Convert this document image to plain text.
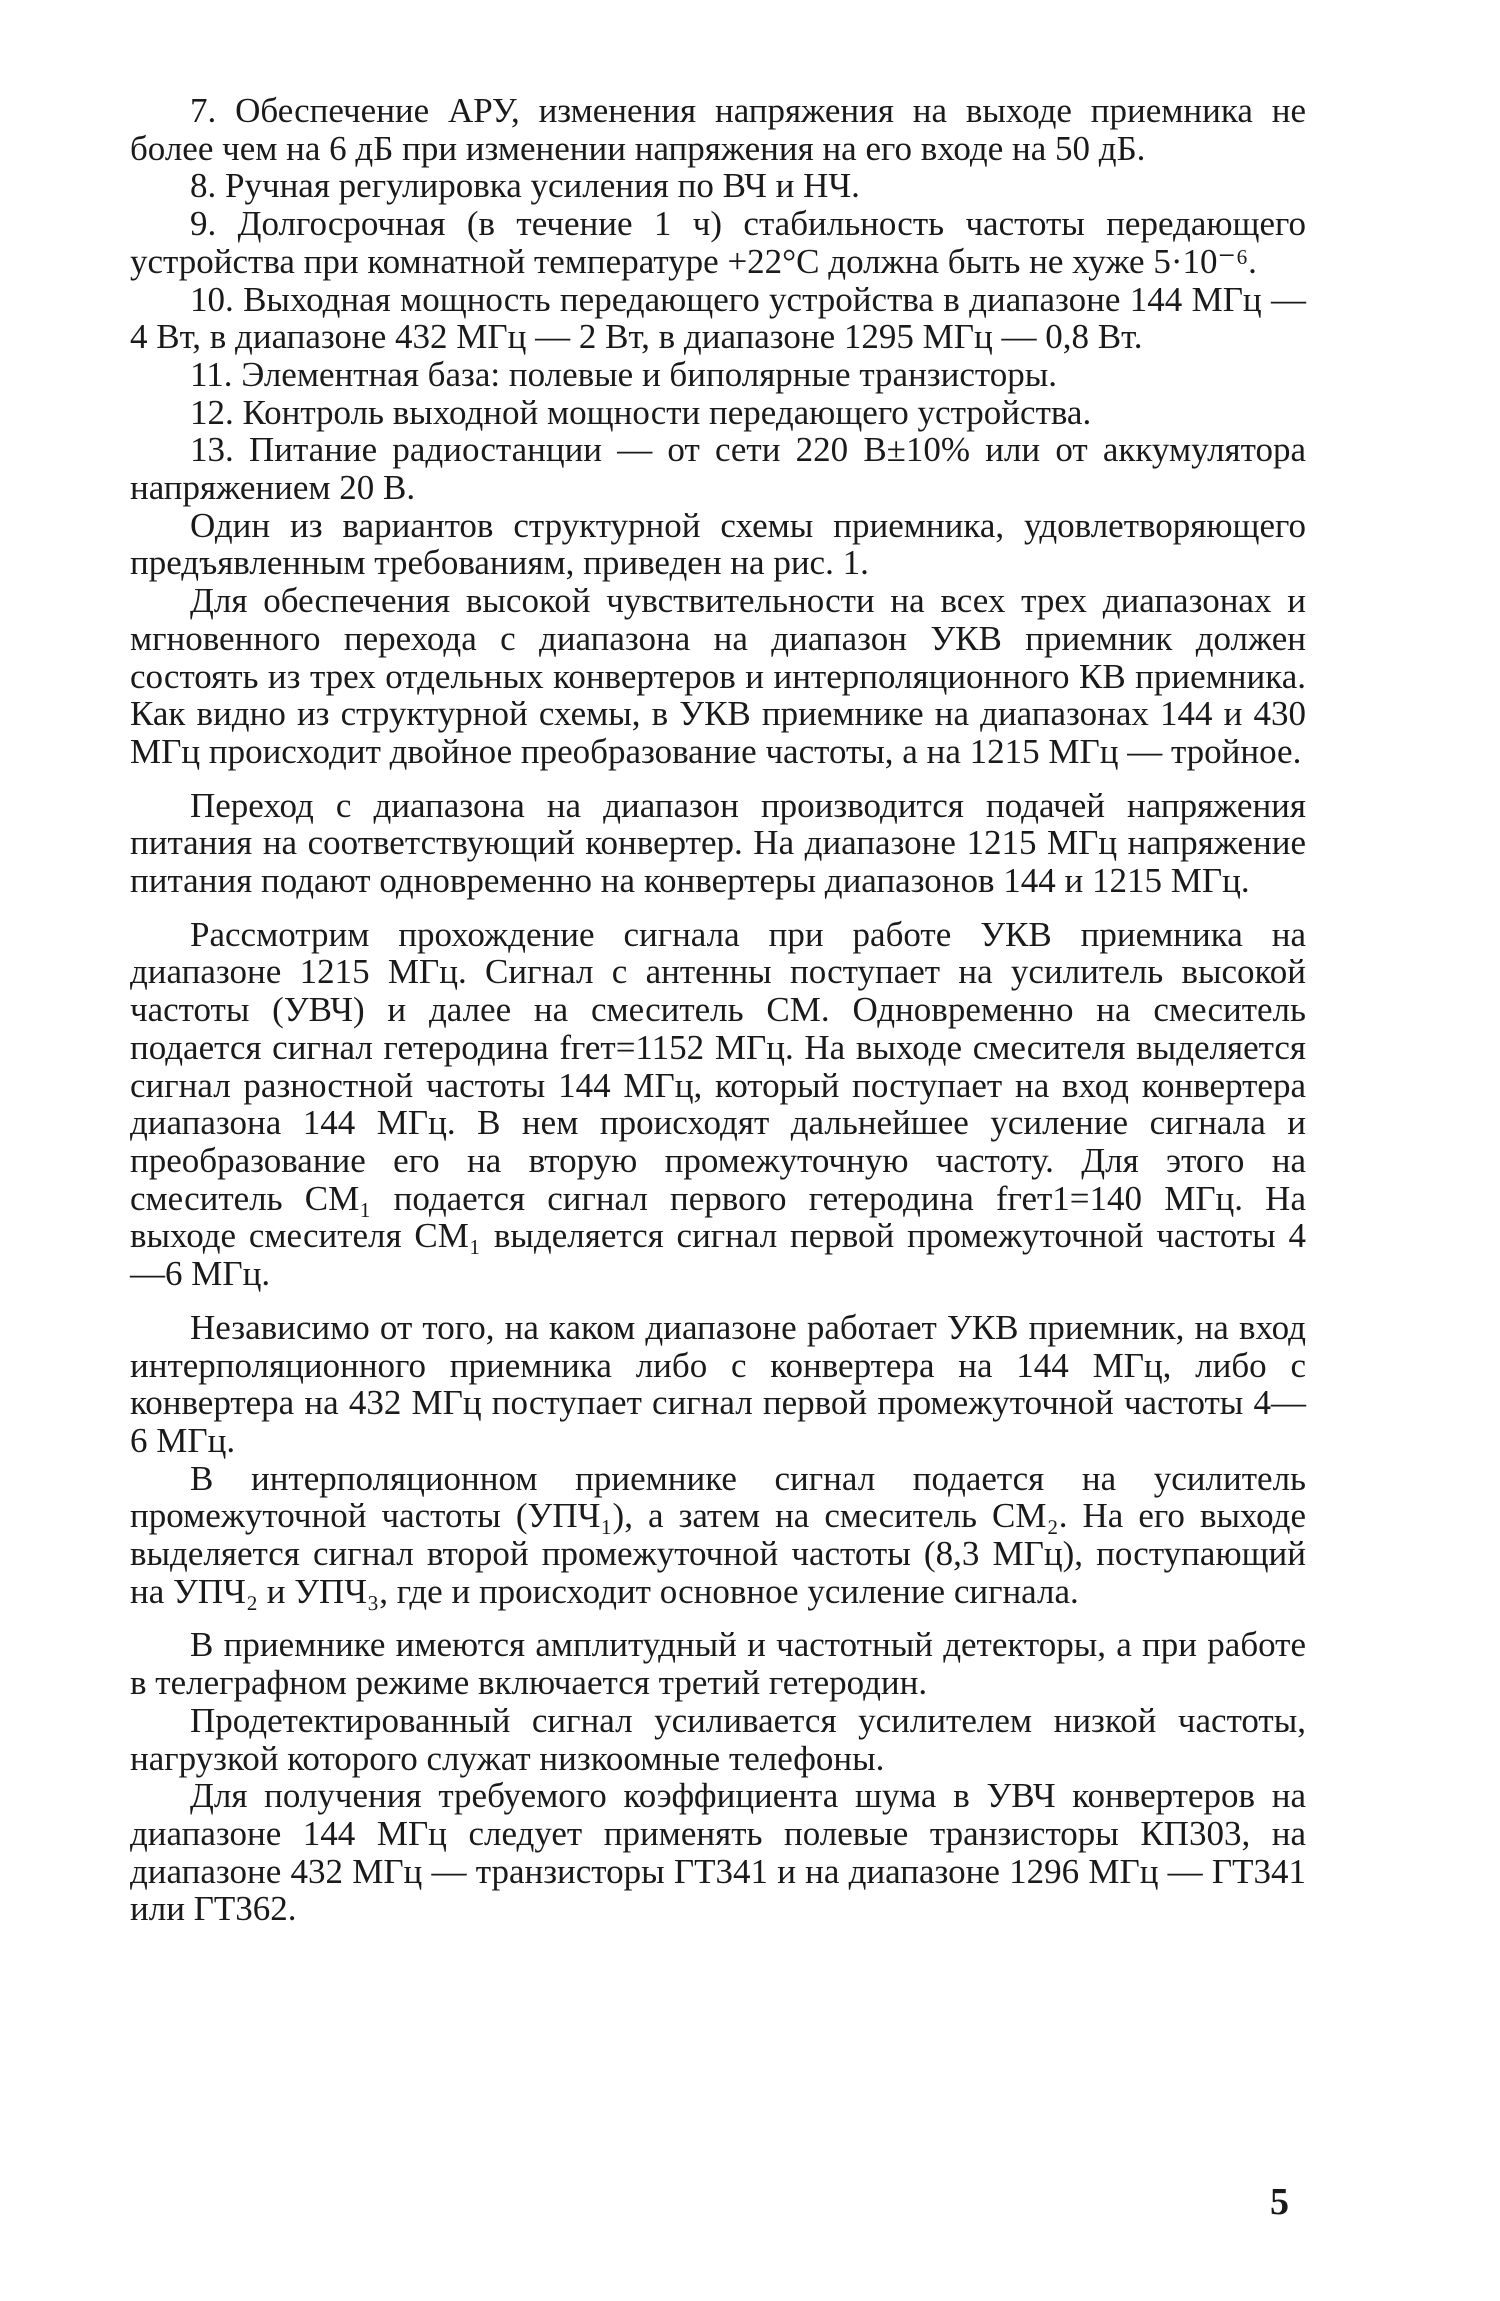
7. Обеспечение АРУ, изменения напряжения на выходе приемника не более чем на 6 дБ при изменении напряжения на его входе на 50 дБ.

8. Ручная регулировка усиления по ВЧ и НЧ.

9. Долгосрочная (в течение 1 ч) стабильность частоты передающего устройства при комнатной температуре +22°С должна быть не хуже 5·10⁻⁶.

10. Выходная мощность передающего устройства в диапазоне 144 МГц — 4 Вт, в диапазоне 432 МГц — 2 Вт, в диапазоне 1295 МГц — 0,8 Вт.

11. Элементная база: полевые и биполярные транзисторы.

12. Контроль выходной мощности передающего устройства.

13. Питание радиостанции — от сети 220 В±10% или от аккумулятора напряжением 20 В.

Один из вариантов структурной схемы приемника, удовлетворяющего предъявленным требованиям, приведен на рис. 1.

Для обеспечения высокой чувствительности на всех трех диапазонах и мгновенного перехода с диапазона на диапазон УКВ приемник должен состоять из трех отдельных конвертеров и интерполяционного КВ приемника. Как видно из структурной схемы, в УКВ приемнике на диапазонах 144 и 430 МГц происходит двойное преобразование частоты, а на 1215 МГц — тройное.

Переход с диапазона на диапазон производится подачей напряжения питания на соответствующий конвертер. На диапазоне 1215 МГц напряжение питания подают одновременно на конвертеры диапазонов 144 и 1215 МГц.

Рассмотрим прохождение сигнала при работе УКВ приемника на диапазоне 1215 МГц. Сигнал с антенны поступает на усилитель высокой частоты (УВЧ) и далее на смеситель СМ. Одновременно на смеситель подается сигнал гетеродина fгет=1152 МГц. На выходе смесителя выделяется сигнал разностной частоты 144 МГц, который поступает на вход конвертера диапазона 144 МГц. В нем происходят дальнейшее усиление сигнала и преобразование его на вторую промежуточную частоту. Для этого на смеситель СМ₁ подается сигнал первого гетеродина fгет1=140 МГц. На выходе смесителя СМ₁ выделяется сигнал первой промежуточной частоты 4—6 МГц.

Независимо от того, на каком диапазоне работает УКВ приемник, на вход интерполяционного приемника либо с конвертера на 144 МГц, либо с конвертера на 432 МГц поступает сигнал первой промежуточной частоты 4—6 МГц.

В интерполяционном приемнике сигнал подается на усилитель промежуточной частоты (УПЧ₁), а затем на смеситель СМ₂. На его выходе выделяется сигнал второй промежуточной частоты (8,3 МГц), поступающий на УПЧ₂ и УПЧ₃, где и происходит основное усиление сигнала.

В приемнике имеются амплитудный и частотный детекторы, а при работе в телеграфном режиме включается третий гетеродин.

Продетектированный сигнал усиливается усилителем низкой частоты, нагрузкой которого служат низкоомные телефоны.

Для получения требуемого коэффициента шума в УВЧ конвертеров на диапазоне 144 МГц следует применять полевые транзисторы КП303, на диапазоне 432 МГц — транзисторы ГТ341 и на диапазоне 1296 МГц — ГТ341 или ГТ362.

5
